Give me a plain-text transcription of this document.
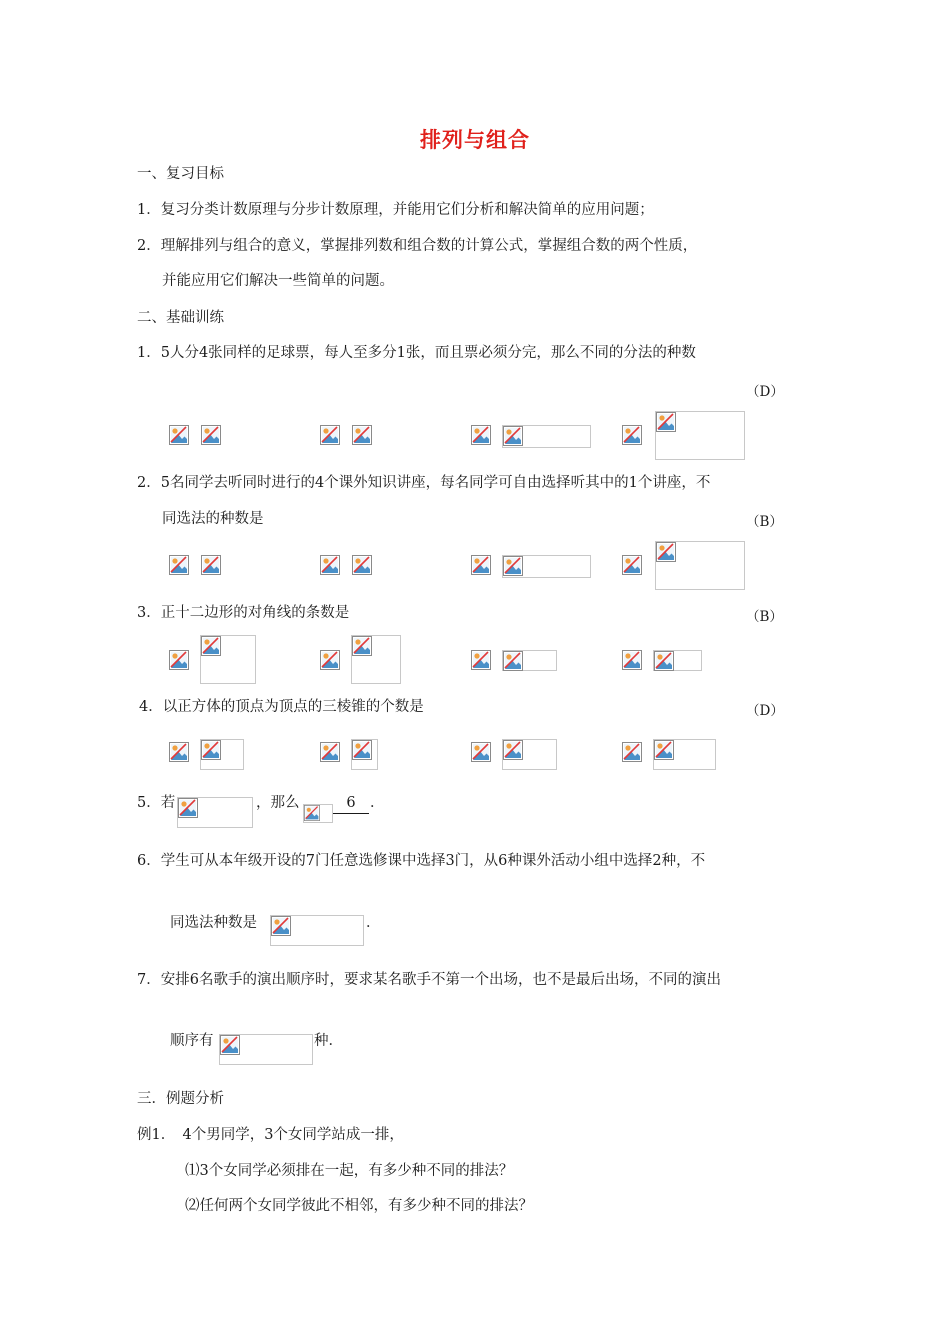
排列与组合
一、复习目标
1．复习分类计数原理与分步计数原理，并能用它们分析和解决简单的应用问题；
2．理解排列与组合的意义，掌握排列数和组合数的计算公式，掌握组合数的两个性质，
并能应用它们解决一些简单的问题。
二、基础训练
1．5人分4张同样的足球票，每人至多分1张，而且票必须分完，那么不同的分法的种数
（D）
2．5名同学去听同时进行的4个课外知识讲座，每名同学可自由选择听其中的1个讲座，不
同选法的种数是	（B）
3．正十二边形的对角线的条数是	（B）
4．以正方体的顶点为顶点的三棱锥的个数是	（D）
5．若	，那么	6 ．
6．学生可从本年级开设的7门任意选修课中选择3门，从6种课外活动小组中选择2种，不
同选法种数是	．
7．安排6名歌手的演出顺序时，要求某名歌手不第一个出场，也不是最后出场，不同的演出
顺序有	种．
三．例题分析
例1．　4个男同学，3个女同学站成一排，
⑴3个女同学必须排在一起，有多少种不同的排法？
⑵任何两个女同学彼此不相邻，有多少种不同的排法？
